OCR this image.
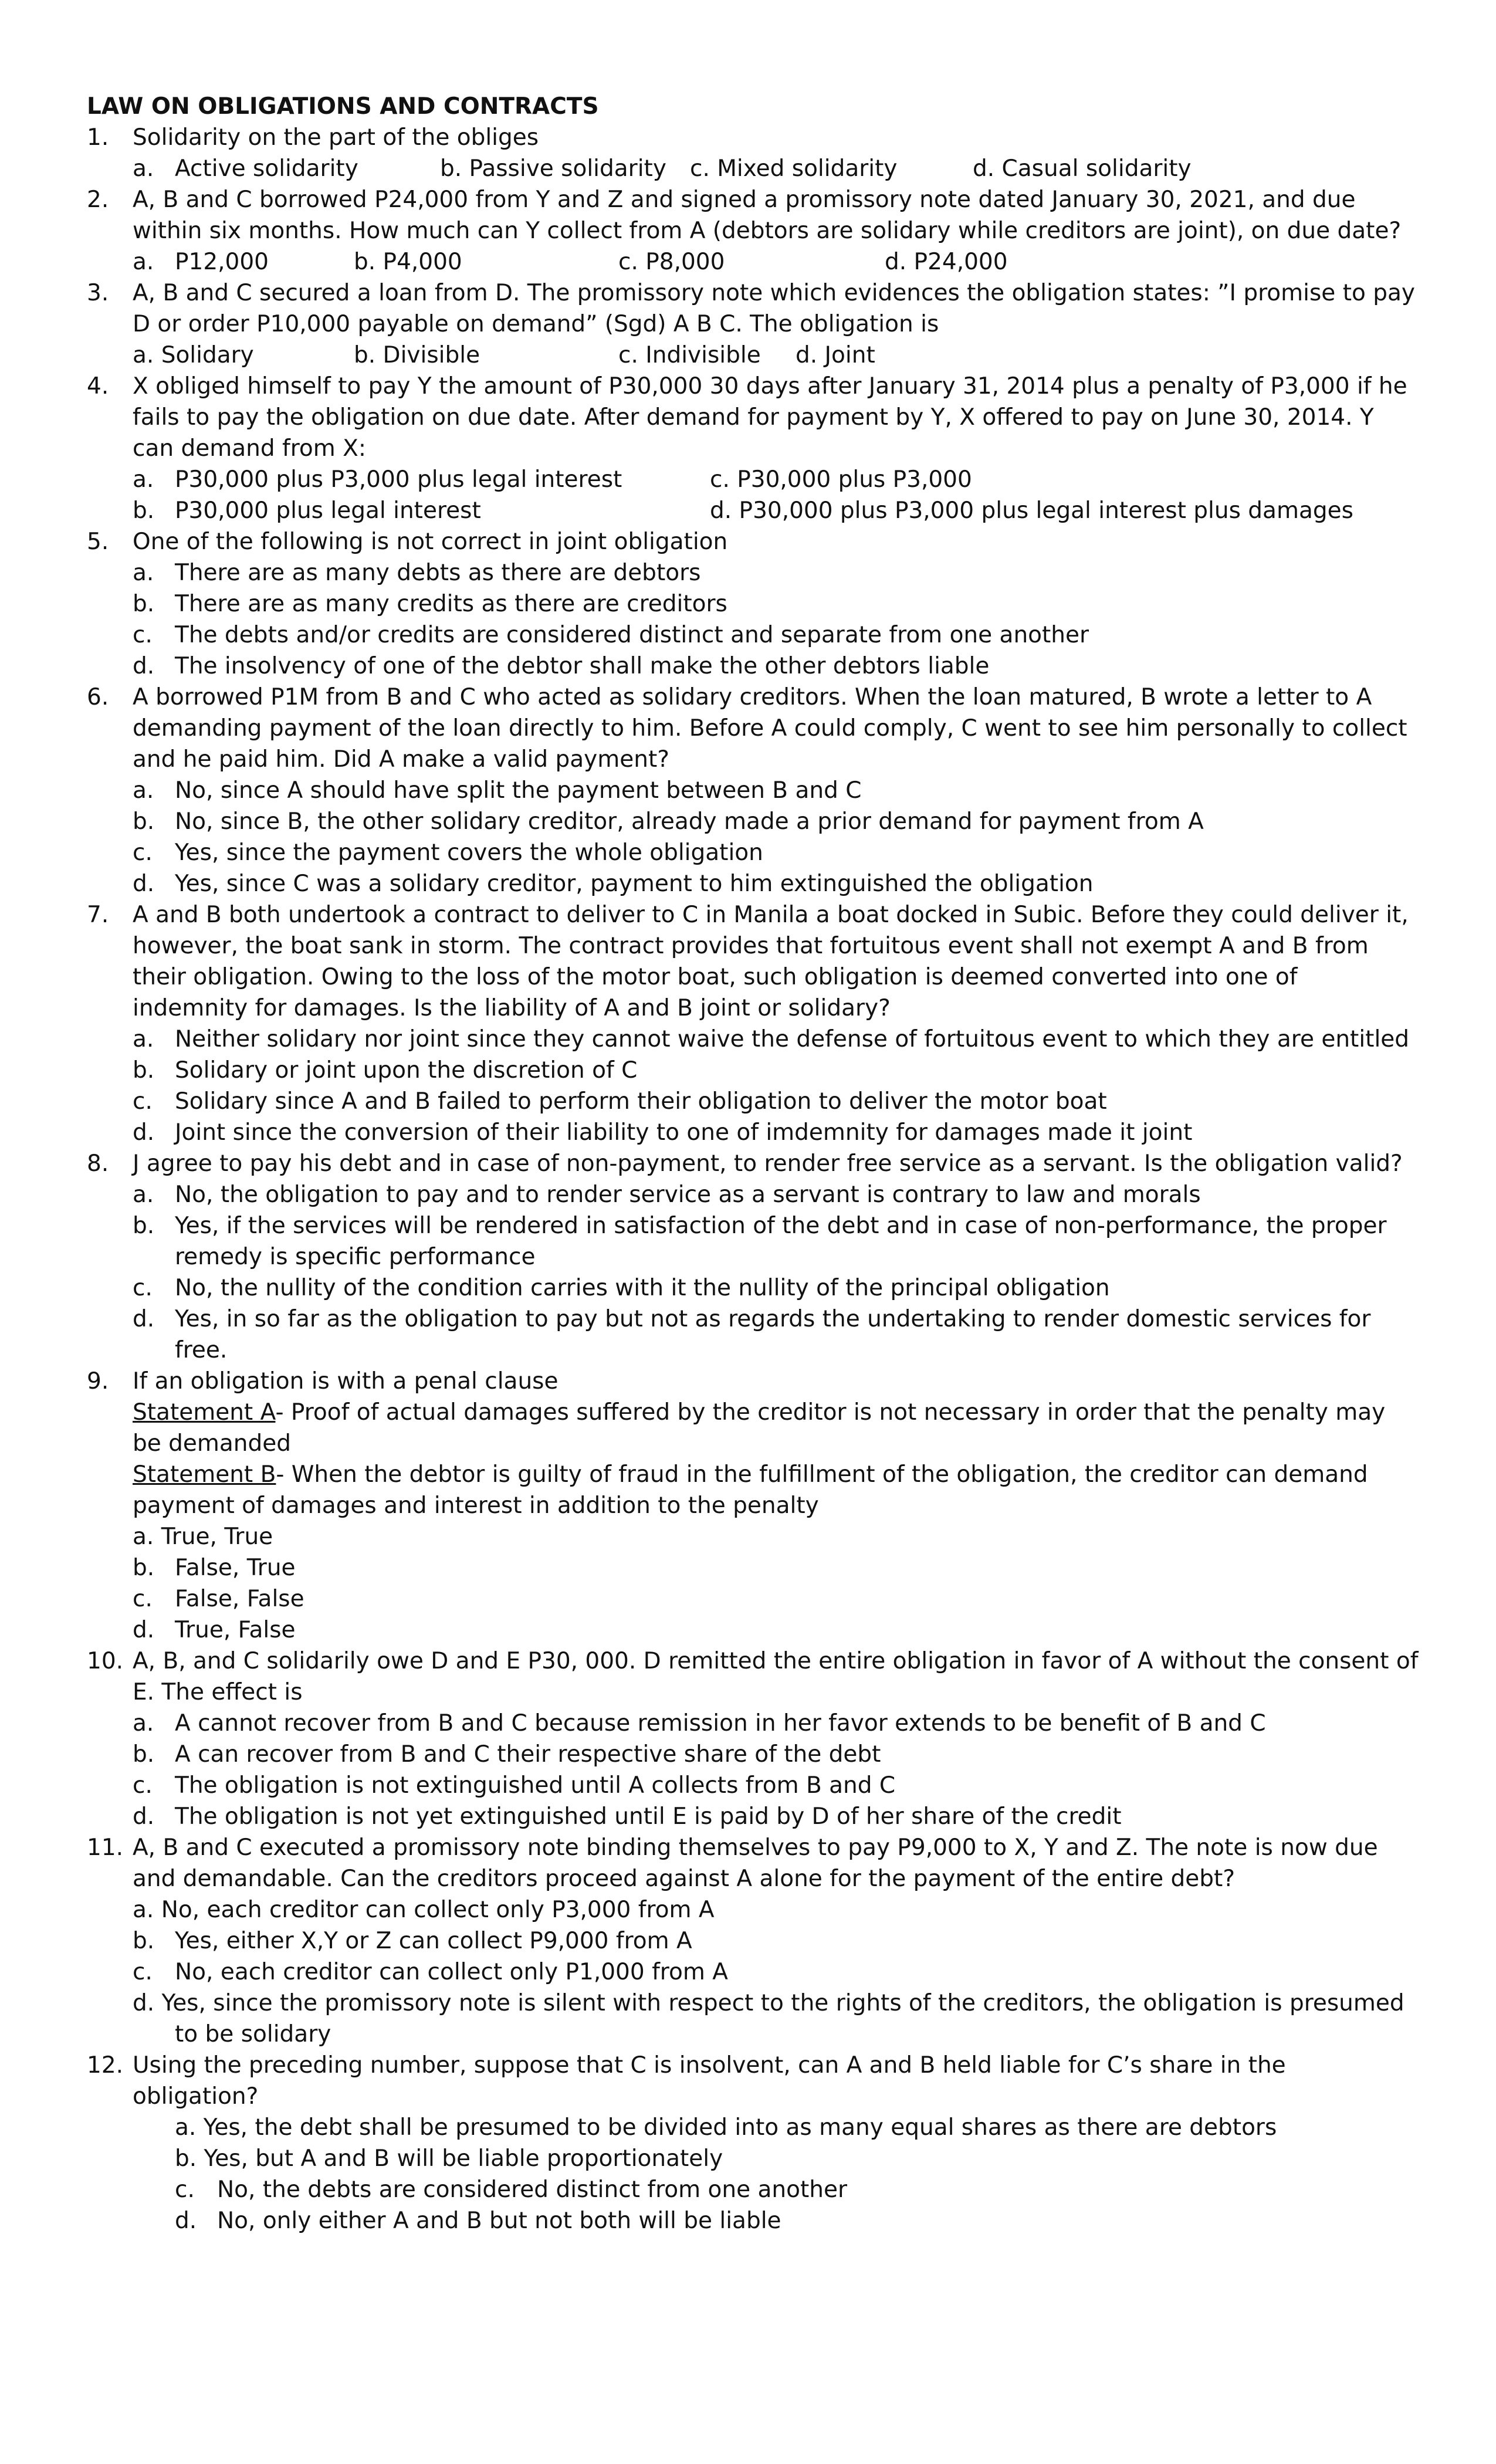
LAW ON OBLIGATIONS AND CONTRACTS
1. Solidarity on the part of the obliges
a. Active solidarity	b. Passive solidarity c. Mixed solidarity	d. Casual solidarity
2. A, B and C borrowed P24,000 from Y and Z and signed a promissory note dated January 30, 2021, and due within six months. How much can Y collect from A (debtors are solidary while creditors are joint), on due date?
a. P12,000	b. P4,000	c. P8,000	d. P24,000
3. A, B and C secured a loan from D. The promissory note which evidences the obligation states: ”I promise to pay D or order P10,000 payable on demand” (Sgd) A B C. The obligation is
a. Solidary	b. Divisible	c. Indivisible d. Joint
4. X obliged himself to pay Y the amount of P30,000 30 days after January 31, 2014 plus a penalty of P3,000 if he fails to pay the obligation on due date. After demand for payment by Y, X offered to pay on June 30, 2014. Y can demand from X:
a. P30,000 plus P3,000 plus legal interest	c. P30,000 plus P3,000
b. P30,000 plus legal interest	d. P30,000 plus P3,000 plus legal interest plus damages
5. One of the following is not correct in joint obligation
a. There are as many debts as there are debtors
b. There are as many credits as there are creditors
c. The debts and/or credits are considered distinct and separate from one another
d. The insolvency of one of the debtor shall make the other debtors liable
6. A borrowed P1M from B and C who acted as solidary creditors. When the loan matured, B wrote a letter to A demanding payment of the loan directly to him. Before A could comply, C went to see him personally to collect and he paid him. Did A make a valid payment?
a. No, since A should have split the payment between B and C
b. No, since B, the other solidary creditor, already made a prior demand for payment from A
c. Yes, since the payment covers the whole obligation
d. Yes, since C was a solidary creditor, payment to him extinguished the obligation
7. A and B both undertook a contract to deliver to C in Manila a boat docked in Subic. Before they could deliver it, however, the boat sank in storm. The contract provides that fortuitous event shall not exempt A and B from their obligation. Owing to the loss of the motor boat, such obligation is deemed converted into one of indemnity for damages. Is the liability of A and B joint or solidary?
a. Neither solidary nor joint since they cannot waive the defense of fortuitous event to which they are entitled
b. Solidary or joint upon the discretion of C
c. Solidary since A and B failed to perform their obligation to deliver the motor boat
d. Joint since the conversion of their liability to one of imdemnity for damages made it joint
8. J agree to pay his debt and in case of non-payment, to render free service as a servant. Is the obligation valid?
a. No, the obligation to pay and to render service as a servant is contrary to law and morals
b. Yes, if the services will be rendered in satisfaction of the debt and in case of non-performance, the proper remedy is specific performance
c. No, the nullity of the condition carries with it the nullity of the principal obligation
d. Yes, in so far as the obligation to pay but not as regards the undertaking to render domestic services for free.
9. If an obligation is with a penal clause
Statement A- Proof of actual damages suffered by the creditor is not necessary in order that the penalty may be demanded
Statement B- When the debtor is guilty of fraud in the fulfillment of the obligation, the creditor can demand payment of damages and interest in addition to the penalty
a. True, True
b. False, True
c. False, False
d. True, False
10. A, B, and C solidarily owe D and E P30, 000. D remitted the entire obligation in favor of A without the consent of E. The effect is
a. A cannot recover from B and C because remission in her favor extends to be benefit of B and C
b. A can recover from B and C their respective share of the debt
c. The obligation is not extinguished until A collects from B and C
d. The obligation is not yet extinguished until E is paid by D of her share of the credit
11. A, B and C executed a promissory note binding themselves to pay P9,000 to X, Y and Z. The note is now due and demandable. Can the creditors proceed against A alone for the payment of the entire debt?
a. No, each creditor can collect only P3,000 from A
b. Yes, either X,Y or Z can collect P9,000 from A
c. No, each creditor can collect only P1,000 from A
d. Yes, since the promissory note is silent with respect to the rights of the creditors, the obligation is presumed to be solidary
12. Using the preceding number, suppose that C is insolvent, can A and B held liable for C’s share in the obligation?
a. Yes, the debt shall be presumed to be divided into as many equal shares as there are debtors
b. Yes, but A and B will be liable proportionately
c. No, the debts are considered distinct from one another
d. No, only either A and B but not both will be liable
